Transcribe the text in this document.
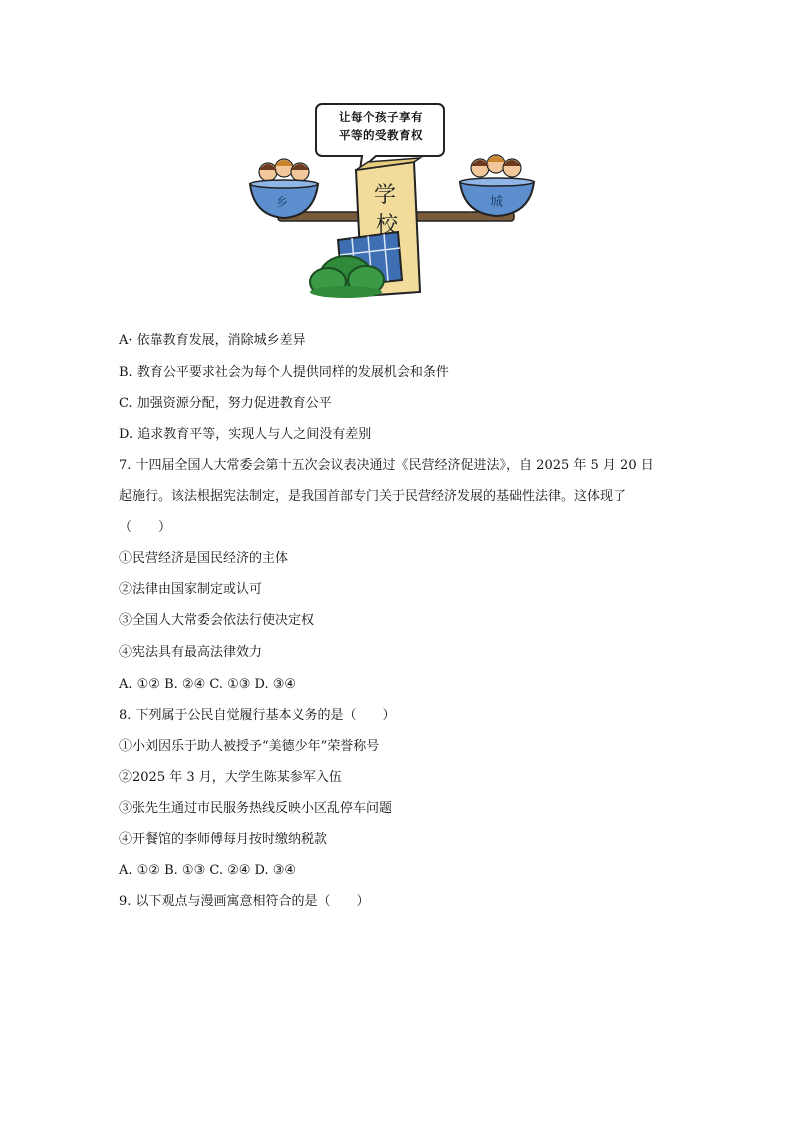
学
校
乡	城
让每个孩子享有
平等的受教育权
A· 依靠教育发展，消除城乡差异
B. 教育公平要求社会为每个人提供同样的发展机会和条件
C. 加强资源分配，努力促进教育公平
D. 追求教育平等，实现人与人之间没有差别
7. 十四届全国人大常委会第十五次会议表决通过《民营经济促进法》，自 2025 年 5 月 20 日
起施行。该法根据宪法制定，是我国首部专门关于民营经济发展的基础性法律。这体现了
（　　）
①民营经济是国民经济的主体
②法律由国家制定或认可
③全国人大常委会依法行使决定权
④宪法具有最高法律效力
A. ①② B. ②④ C. ①③ D. ③④
8. 下列属于公民自觉履行基本义务的是（　　）
①小刘因乐于助人被授予“美德少年”荣誉称号
②2025 年 3 月，大学生陈某参军入伍
③张先生通过市民服务热线反映小区乱停车问题
④开餐馆的李师傅每月按时缴纳税款
A. ①② B. ①③ C. ②④ D. ③④
9. 以下观点与漫画寓意相符合的是（　　）
